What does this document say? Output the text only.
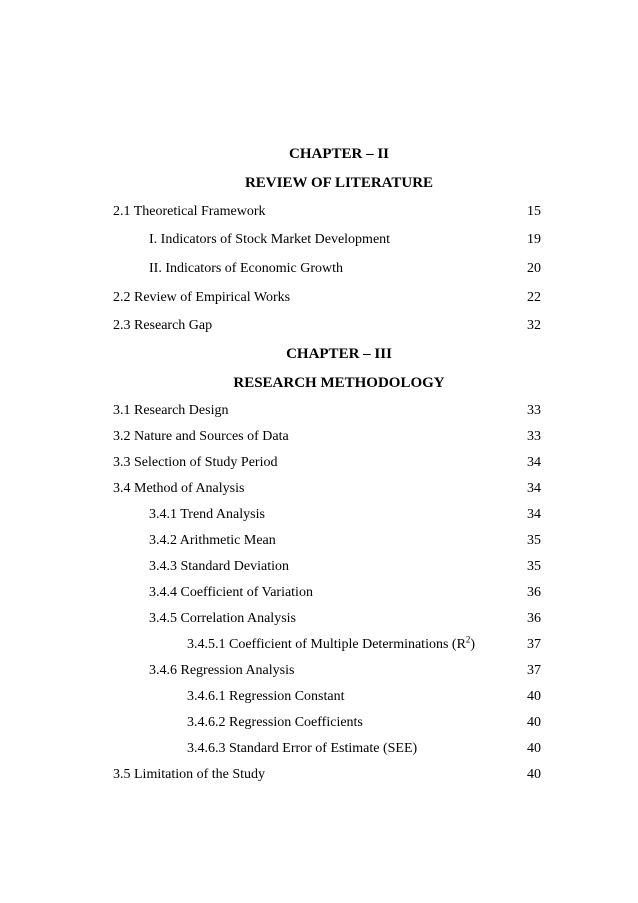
CHAPTER – II
REVIEW OF LITERATURE
2.1 Theoretical Framework	15
I. Indicators of Stock Market Development	19
II. Indicators of Economic Growth	20
2.2 Review of Empirical Works	22
2.3 Research Gap	32
CHAPTER – III
RESEARCH METHODOLOGY
3.1 Research Design	33
3.2 Nature and Sources of Data	33
3.3 Selection of Study Period	34
3.4 Method of Analysis	34
3.4.1 Trend Analysis	34
3.4.2 Arithmetic Mean	35
3.4.3 Standard Deviation	35
3.4.4 Coefficient of Variation	36
3.4.5 Correlation Analysis	36
3.4.5.1 Coefficient of Multiple Determinations $(R^2)$	37
3.4.6 Regression Analysis	37
3.4.6.1 Regression Constant	40
3.4.6.2 Regression Coefficients	40
3.4.6.3 Standard Error of Estimate (SEE)	40
3.5 Limitation of the Study	40
